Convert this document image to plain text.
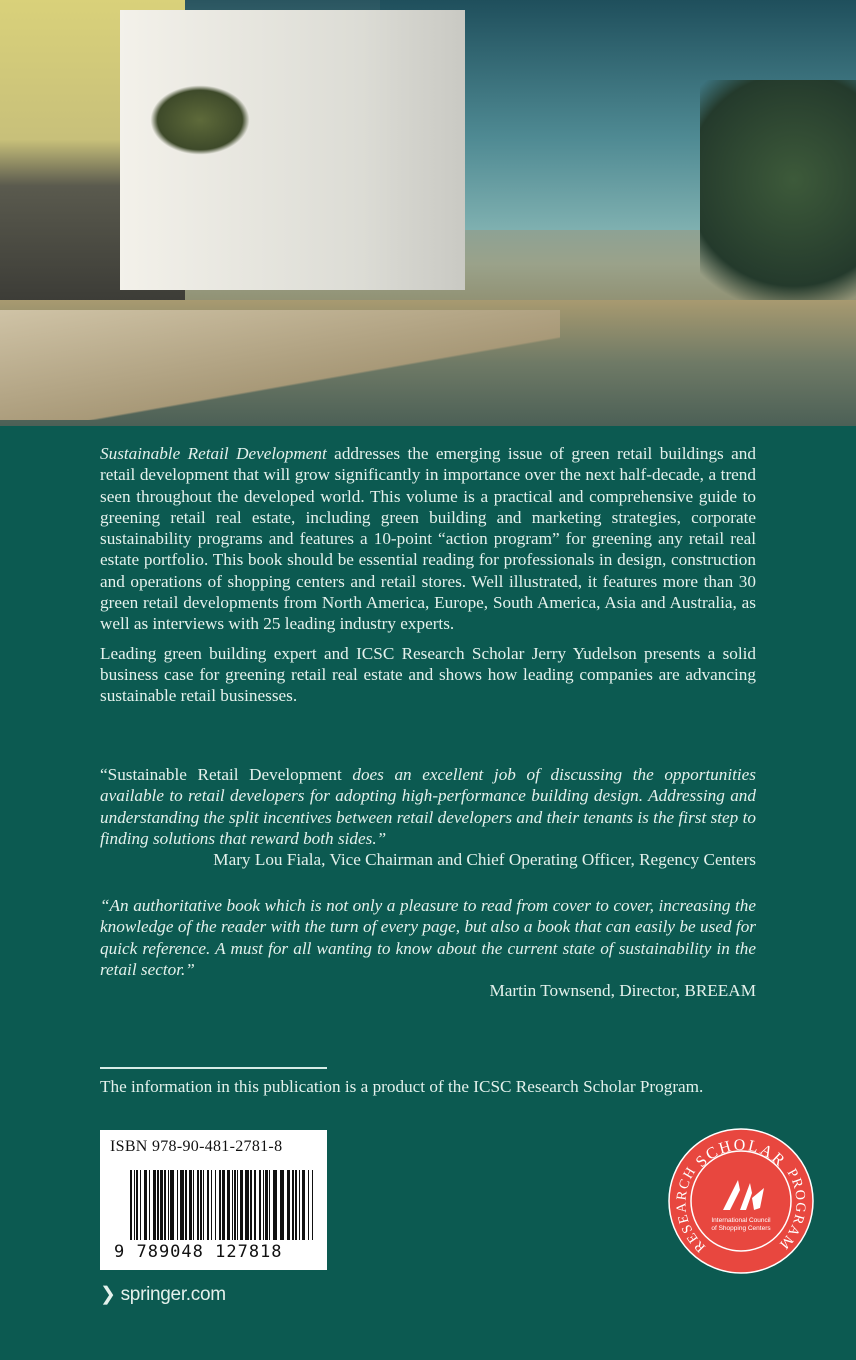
Sustainable Retail Development addresses the emerging issue of green retail buildings and retail development that will grow significantly in importance over the next half-decade, a trend seen throughout the developed world. This volume is a practical and comprehensive guide to greening retail real estate, including green building and marketing strategies, corporate sustainability programs and features a 10-point “action program” for greening any retail real estate portfolio. This book should be essential reading for professionals in design, construction and operations of shopping centers and retail stores. Well illustrated, it features more than 30 green retail developments from North America, Europe, South America, Asia and Australia, as well as interviews with 25 leading industry experts.

Leading green building expert and ICSC Research Scholar Jerry Yudelson presents a solid business case for greening retail real estate and shows how leading companies are advancing sustainable retail businesses.

“Sustainable Retail Development does an excellent job of discussing the opportunities available to retail developers for adopting high-performance building design. Addressing and understanding the split incentives between retail developers and their tenants is the first step to finding solutions that reward both sides.”
Mary Lou Fiala, Vice Chairman and Chief Operating Officer, Regency Centers
“An authoritative book which is not only a pleasure to read from cover to cover, increasing the knowledge of the reader with the turn of every page, but also a book that can easily be used for quick reference. A must for all wanting to know about the current state of sustainability in the retail sector.”
Martin Townsend, Director, BREEAM
The information in this publication is a product of the ICSC Research Scholar Program.
ISBN 978-90-481-2781-8
9 789048 127818
❯ springer.com
SCHOLAR
RESEARCH	PROGRAM
International Council
of Shopping Centers
